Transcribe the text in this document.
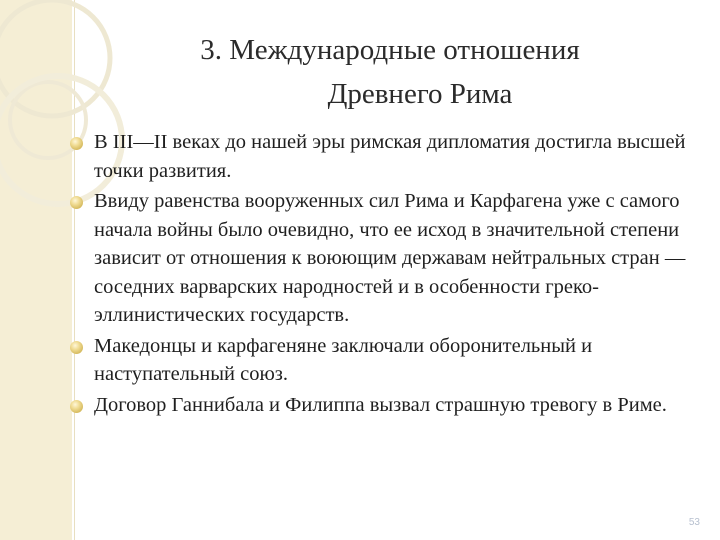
3. Международные отношения
Древнего Рима
В III—II веках до нашей эры римская дипломатия достигла высшей точки развития.
Ввиду равенства вооруженных сил Рима и Карфагена уже с самого начала войны было очевидно, что ее исход в значительной степени зависит от отношения к воюющим державам нейтральных стран — соседних варварских народностей и в особенности греко-эллинистических государств.
Македонцы и карфагеняне заключали оборонительный и наступательный союз.
Договор Ганнибала и Филиппа вызвал страшную тревогу в Риме.
53
